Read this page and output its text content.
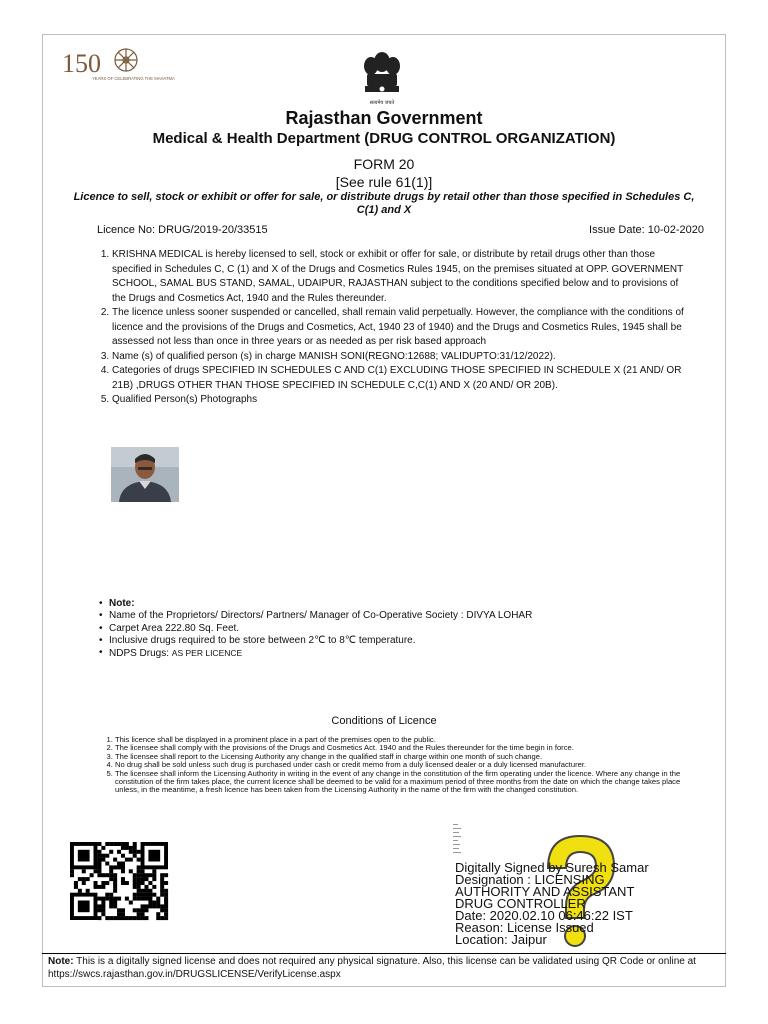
150
YEARS OF CELEBRATING THE MAHATMA
सत्यमेव जयते
Rajasthan Government
Medical & Health Department (DRUG CONTROL ORGANIZATION)
FORM 20
[See rule 61(1)]
Licence to sell, stock or exhibit or offer for sale, or distribute drugs by retail other than those specified in Schedules C, C(1) and X
Licence No: DRUG/2019-20/33515	Issue Date: 10-02-2020
1. KRISHNA MEDICAL is hereby licensed to sell, stock or exhibit or offer for sale, or distribute by retail drugs other than those specified in Schedules C, C (1) and X of the Drugs and Cosmetics Rules 1945, on the premises situated at OPP. GOVERNMENT SCHOOL, SAMAL BUS STAND, SAMAL, UDAIPUR, RAJASTHAN subject to the conditions specified below and to provisions of the Drugs and Cosmetics Act, 1940 and the Rules thereunder.
2. The licence unless sooner suspended or cancelled, shall remain valid perpetually. However, the compliance with the conditions of licence and the provisions of the Drugs and Cosmetics, Act, 1940 23 of 1940) and the Drugs and Cosmetics Rules, 1945 shall be assessed not less than once in three years or as needed as per risk based approach
3. Name (s) of qualified person (s) in charge MANISH SONI(REGNO:12688; VALIDUPTO:31/12/2022).
4. Categories of drugs SPECIFIED IN SCHEDULES C AND C(1) EXCLUDING THOSE SPECIFIED IN SCHEDULE X (21 AND/ OR 21B) ,DRUGS OTHER THAN THOSE SPECIFIED IN SCHEDULE C,C(1) AND X (20 AND/ OR 20B).
5. Qualified Person(s) Photographs
• Note:
• Name of the Proprietors/ Directors/ Partners/ Manager of Co-Operative Society : DIVYA LOHAR
• Carpet Area 222.80 Sq. Feet.
• Inclusive drugs required to be store between 2℃ to 8℃ temperature.
• NDPS Drugs: AS PER LICENCE
Conditions of Licence
1. This licence shall be displayed in a prominent place in a part of the premises open to the public.
2. The licensee shall comply with the provisions of the Drugs and Cosmetics Act. 1940 and the Rules thereunder for the time begin in force.
3. The licensee shall report to the Licensing Authority any change in the qualified staff in charge within one month of such change.
4. No drug shall be sold unless such drug is purchased under cash or credit memo from a duly licensed dealer or a duly licensed manufacturer.
5. The licensee shall inform the Licensing Authority in writing in the event of any change in the constitution of the firm operating under the licence. Where any change in the constitution of the firm takes place, the current licence shall be deemed to be valid for a maximum period of three months from the date on which the change takes place unless, in the meantime, a fresh licence has been taken from the Licensing Authority in the name of the firm with the changed constitution.
Digitally Signed by Suresh Samar
Designation : LICENSING
AUTHORITY AND ASSISTANT
DRUG CONTROLLER
Date: 2020.02.10 06:46:22 IST
Reason: License Issued
Location: Jaipur
Note: This is a digitally signed license and does not required any physical signature. Also, this license can be validated using QR Code or online at https://swcs.rajasthan.gov.in/DRUGSLICENSE/VerifyLicense.aspx
